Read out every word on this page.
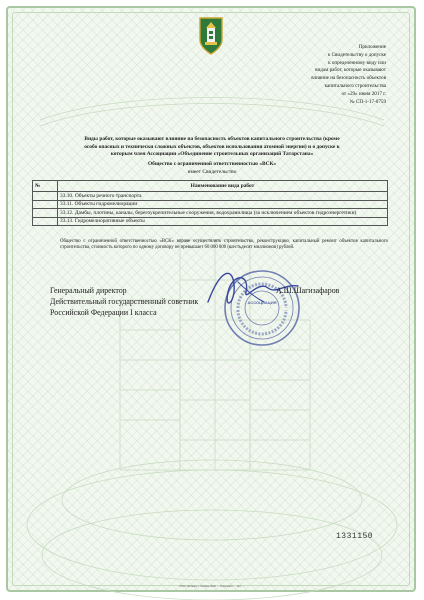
Приложение
к Свидетельству о допуске
к определенному виду или
видам работ, которые оказывают
влияние на безопасность объектов
капитального строительства
от «29» июня 2017 г.
№ СП-1-17-0759
Виды работ, которые оказывают влияние на безопасность объектов капитального строительства (кроме
особо опасных и технически сложных объектов, объектов использования атомной энергии) и о допуске к
которым член Ассоциации «Объединение строительных организаций Татарстана»
Общество с ограниченной ответственностью «ВСК»
имеет Свидетельство
№	Наименование вида работ
	33.10. Объекты речного транспорта
	33.11. Объекты гидромелиорации
	33.12. Дамбы, плотины, каналы, берегоукрепительные сооружения, водохранилища (за исключением объектов гидроэнергетики)
	33.13. Гидромелиоративные объекты
Общество с ограниченной ответственностью «ВСК» вправе осуществлять строительство, реконструкцию, капитальный ремонт объектов капитального строительства, стоимость которого по одному договору не превышает 60 000 000 (шестьдесят миллионов) рублей.
Генеральный директор
Действительный государственный советник
Российской Федерации I класса
АССОЦИАЦИЯ
А.Ш.Шагизафаров
1331150
ООО «Бланк» г. Казань ИНН ... Лицензия ... тел. ...
